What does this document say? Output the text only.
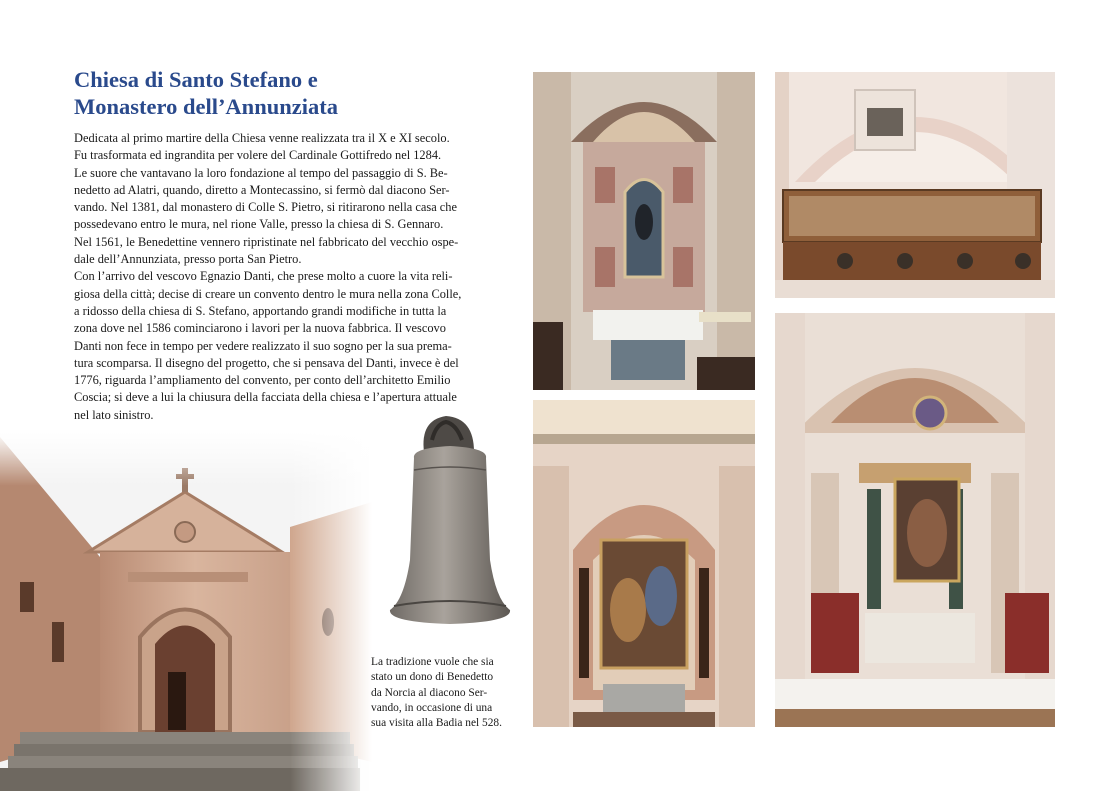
Chiesa di Santo Stefano e
Monastero dell’Annunziata
Dedicata al primo martire della Chiesa venne realizzata tra il X e XI secolo.
Fu trasformata ed ingrandita per volere del Cardinale Gottifredo nel 1284.
Le suore che vantavano la loro fondazione al tempo del passaggio di S. Be-
nedetto ad Alatri, quando, diretto a Montecassino, si fermò dal diacono Ser-
vando. Nel 1381, dal monastero di Colle S. Pietro, si ritirarono nella casa che
possedevano entro le mura, nel rione Valle, presso la chiesa di S. Gennaro.
Nel 1561, le Benedettine vennero ripristinate nel fabbricato del vecchio ospe-
dale dell’Annunziata, presso porta San Pietro.
Con l’arrivo del vescovo Egnazio Danti, che prese molto a cuore la vita reli-
giosa della città; decise di creare un convento dentro le mura nella zona Colle,
a ridosso della chiesa di S. Stefano, apportando grandi modifiche in tutta la
zona dove nel 1586 cominciarono i lavori per la nuova fabbrica. Il vescovo
Danti non fece in tempo per vedere realizzato il suo sogno per la sua prema-
tura scomparsa. Il disegno del progetto, che si pensava del Danti, invece è del
1776, riguarda l’ampliamento del convento, per conto dell’architetto Emilio
Coscia; si deve a lui la chiusura della facciata della chiesa e l’apertura attuale
nel lato sinistro.
La tradizione vuole che sia
stato un dono di Benedetto
da Norcia al diacono Ser-
vando, in occasione di una
sua visita alla Badia nel 528.
